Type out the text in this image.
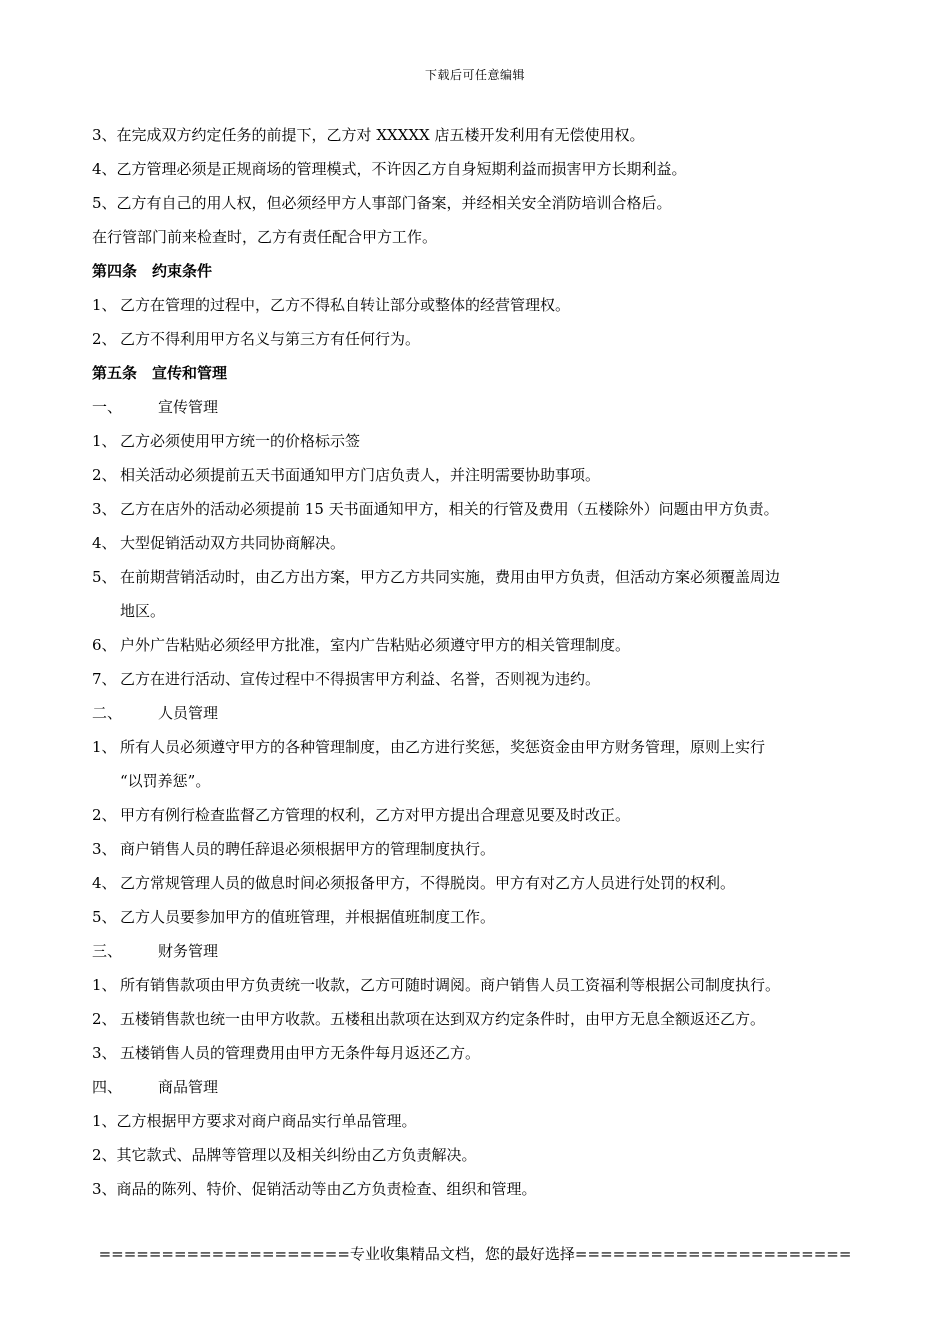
下载后可任意编辑
3、在完成双方约定任务的前提下，乙方对 XXXXX 店五楼开发利用有无偿使用权。
4、乙方管理必须是正规商场的管理模式，不许因乙方自身短期利益而损害甲方长期利益。
5、乙方有自己的用人权，但必须经甲方人事部门备案，并经相关安全消防培训合格后。
在行管部门前来检查时，乙方有责任配合甲方工作。
第四条　约束条件
1、 乙方在管理的过程中，乙方不得私自转让部分或整体的经营管理权。
2、 乙方不得利用甲方名义与第三方有任何行为。
第五条　宣传和管理
一、 宣传管理
1、 乙方必须使用甲方统一的价格标示签
2、 相关活动必须提前五天书面通知甲方门店负责人，并注明需要协助事项。
3、 乙方在店外的活动必须提前 15 天书面通知甲方，相关的行管及费用（五楼除外）问题由甲方负责。
4、 大型促销活动双方共同协商解决。
5、 在前期营销活动时，由乙方出方案，甲方乙方共同实施，费用由甲方负责，但活动方案必须覆盖周边
地区。
6、 户外广告粘贴必须经甲方批准，室内广告粘贴必须遵守甲方的相关管理制度。
7、 乙方在进行活动、宣传过程中不得损害甲方利益、名誉，否则视为违约。
二、 人员管理
1、 所有人员必须遵守甲方的各种管理制度，由乙方进行奖惩，奖惩资金由甲方财务管理，原则上实行
“以罚养惩”。
2、 甲方有例行检查监督乙方管理的权利，乙方对甲方提出合理意见要及时改正。
3、 商户销售人员的聘任辞退必须根据甲方的管理制度执行。
4、 乙方常规管理人员的做息时间必须报备甲方，不得脱岗。甲方有对乙方人员进行处罚的权利。
5、 乙方人员要参加甲方的值班管理，并根据值班制度工作。
三、 财务管理
1、 所有销售款项由甲方负责统一收款，乙方可随时调阅。商户销售人员工资福利等根据公司制度执行。
2、 五楼销售款也统一由甲方收款。五楼租出款项在达到双方约定条件时，由甲方无息全额返还乙方。
3、 五楼销售人员的管理费用由甲方无条件每月返还乙方。
四、 商品管理
1、乙方根据甲方要求对商户商品实行单品管理。
2、其它款式、品牌等管理以及相关纠纷由乙方负责解决。
3、商品的陈列、特价、促销活动等由乙方负责检查、组织和管理。
====================专业收集精品文档，您的最好选择======================
